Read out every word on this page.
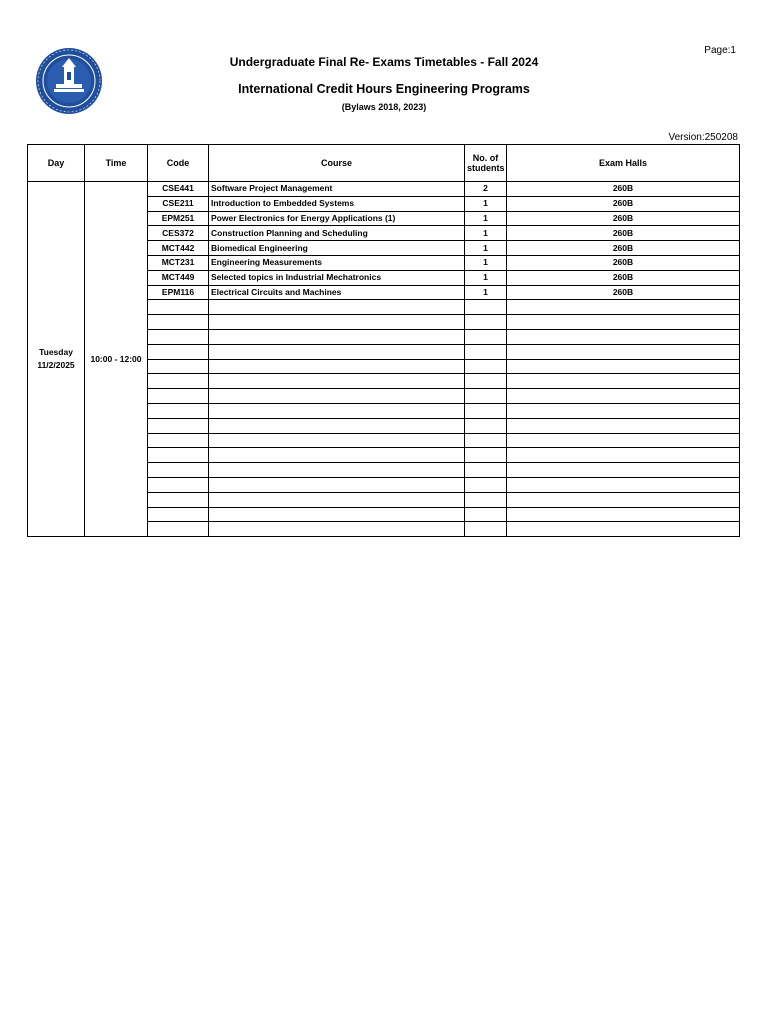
Page:1
Undergraduate Final Re- Exams Timetables - Fall 2024
International Credit Hours Engineering Programs
(Bylaws 2018, 2023)
Version:250208
Day	Time	Code	Course	No. of students	Exam Halls

Tuesday
11/2/2025	10:00 - 12:00	CSE441	Software Project Management	2	260B
		CSE211	Introduction to Embedded Systems	1	260B
		EPM251	Power Electronics for Energy Applications (1)	1	260B
		CES372	Construction Planning and Scheduling	1	260B
		MCT442	Biomedical Engineering	1	260B
		MCT231	Engineering Measurements	1	260B
		MCT449	Selected topics in Industrial Mechatronics	1	260B
		EPM116	Electrical Circuits and Machines	1	260B
